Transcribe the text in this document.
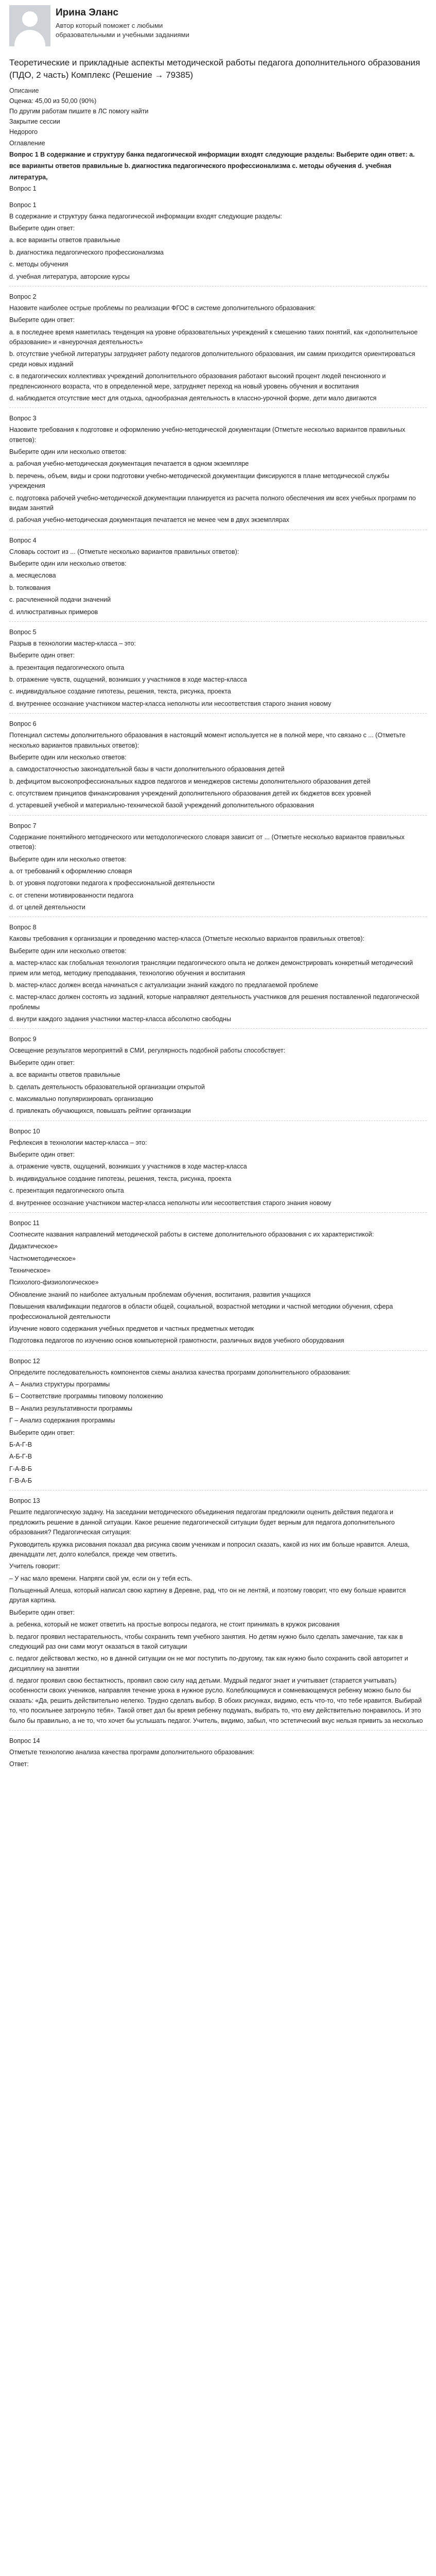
Ирина Эланс
Автор который поможет с любыми образовательными и учебными заданиями
Теоретические и прикладные аспекты методической работы педагога дополнительного образования (ПДО, 2 часть) Комплекс (Решение → 79385)
Описание
Оценка: 45,00 из 50,00 (90%)
По другим работам пишите в ЛС помогу найти
Закрытие сессии
Недорого
Оглавление
Вопрос 1 В содержание и структуру банка педагогической информации входят следующие разделы: Выберите один ответ: a. все варианты ответов правильные b. диагностика педагогического профессионализма c. методы обучения d. учебная литература,
Вопрос 1
Вопрос 1
В содержание и структуру банка педагогической информации входят следующие разделы:
Выберите один ответ:
a. все варианты ответов правильные
b. диагностика педагогического профессионализма
c. методы обучения
d. учебная литература, авторские курсы
Вопрос 2
Назовите наиболее острые проблемы по реализации ФГОС в системе дополнительного образования:
Выберите один ответ:
a. в последнее время наметилась тенденция на уровне образовательных учреждений к смешению таких понятий, как «дополнительное образование» и «внеурочная деятельность»
b. отсутствие учебной литературы затрудняет работу педагогов дополнительного образования, им самим приходится ориентироваться среди новых изданий
c. в педагогических коллективах учреждений дополнительного образования работают высокий процент людей пенсионного и предпенсионного возраста, что в определенной мере, затрудняет переход на новый уровень обучения и воспитания
d. наблюдается отсутствие мест для отдыха, однообразная деятельность в классно-урочной форме, дети мало двигаются
Вопрос 3
Назовите требования к подготовке и оформлению учебно-методической документации (Отметьте несколько вариантов правильных ответов):
Выберите один или несколько ответов:
a. рабочая учебно-методическая документация печатается в одном экземпляре
b. перечень, объем, виды и сроки подготовки учебно-методической документации фиксируются в плане методической службы учреждения
c. подготовка рабочей учебно-методической документации планируется из расчета полного обеспечения им всех учебных программ по видам занятий
d. рабочая учебно-методическая документация печатается не менее чем в двух экземплярах
Вопрос 4
Словарь состоит из ... (Отметьте несколько вариантов правильных ответов):
Выберите один или несколько ответов:
a. месяцеслова
b. толкования
c. расчлененной подачи значений
d. иллюстративных примеров
Вопрос 5
Разрыв в технологии мастер-класса – это:
Выберите один ответ:
a. презентация педагогического опыта
b. отражение чувств, ощущений, возникших у участников в ходе мастер-класса
c. индивидуальное создание гипотезы, решения, текста, рисунка, проекта
d. внутреннее осознание участником мастер-класса неполноты или несоответствия старого знания новому
Вопрос 6
Потенциал системы дополнительного образования в настоящий момент используется не в полной мере, что связано с ... (Отметьте несколько вариантов правильных ответов):
Выберите один или несколько ответов:
a. самодостаточностью законодательной базы в части дополнительного образования детей
b. дефицитом высокопрофессиональных кадров педагогов и менеджеров системы дополнительного образования детей
c. отсутствием принципов финансирования учреждений дополнительного образования детей их бюджетов всех уровней
d. устаревшей учебной и материально-технической базой учреждений дополнительного образования
Вопрос 7
Содержание понятийного методического или методологического словаря зависит от ... (Отметьте несколько вариантов правильных ответов):
Выберите один или несколько ответов:
a. от требований к оформлению словаря
b. от уровня подготовки педагога к профессиональной деятельности
c. от степени мотивированности педагога
d. от целей деятельности
Вопрос 8
Каковы требования к организации и проведению мастер-класса (Отметьте несколько вариантов правильных ответов):
Выберите один или несколько ответов:
a. мастер-класс как глобальная технология трансляции педагогического опыта не должен демонстрировать конкретный методический прием или метод, методику преподавания, технологию обучения и воспитания
b. мастер-класс должен всегда начинаться с актуализации знаний каждого по предлагаемой проблеме
c. мастер-класс должен состоять из заданий, которые направляют деятельность участников для решения поставленной педагогической проблемы
d. внутри каждого задания участники мастер-класса абсолютно свободны
Вопрос 9
Освещение результатов мероприятий в СМИ, регулярность подобной работы способствует:
Выберите один ответ:
a. все варианты ответов правильные
b. сделать деятельность образовательной организации открытой
c. максимально популяризировать организацию
d. привлекать обучающихся, повышать рейтинг организации
Вопрос 10
Рефлексия в технологии мастер-класса – это:
Выберите один ответ:
a. отражение чувств, ощущений, возникших у участников в ходе мастер-класса
b. индивидуальное создание гипотезы, решения, текста, рисунка, проекта
c. презентация педагогического опыта
d. внутреннее осознание участником мастер-класса неполноты или несоответствия старого знания новому
Вопрос 11
Соотнесите названия направлений методической работы в системе дополнительного образования с их характеристикой:
Дидактическое»
Частнометодическое»
Техническое»
Психолого-физиологическое»
Обновление знаний по наиболее актуальным проблемам обучения, воспитания, развития учащихся
Повышения квалификации педагогов в области общей, социальной, возрастной методики и частной методики обучения, сфера профессиональной деятельности
Изучение нового содержания учебных предметов и частных предметных методик
Подготовка педагогов по изучению основ компьютерной грамотности, различных видов учебного оборудования
Вопрос 12
Определите последовательность компонентов схемы анализа качества программ дополнительного образования:
А – Анализ структуры программы
Б – Соответствие программы типовому положению
В – Анализ результативности программы
Г – Анализ содержания программы
Выберите один ответ:
Б-А-Г-В
А-Б-Г-В
Г-А-В-Б
Г-В-А-Б
Вопрос 13
Решите педагогическую задачу. На заседании методического объединения педагогам предложили оценить действия педагога и предложить решение в данной ситуации. Какое решение педагогической ситуации будет верным для педагога дополнительного образования? Педагогическая ситуация:
Руководитель кружка рисования показал два рисунка своим ученикам и попросил сказать, какой из них им больше нравится. Алеша, двенадцати лет, долго колебался, прежде чем ответить.
Учитель говорит:
– У нас мало времени. Напряги свой ум, если он у тебя есть.
Польщенный Алеша, который написал свою картину в Деревне, рад, что он не лентяй, и поэтому говорит, что ему больше нравится другая картина.
Выберите один ответ:
a. ребенка, который не может ответить на простые вопросы педагога, не стоит принимать в кружок рисования
b. педагог проявил нестарательность, чтобы сохранить темп учебного занятия. Но детям нужно было сделать замечание, так как в следующий раз они сами могут оказаться в такой ситуации
c. педагог действовал жестко, но в данной ситуации он не мог поступить по-другому, так как нужно было сохранить свой авторитет и дисциплину на занятии
d. педагог проявил свою бестактность, проявил свою силу над детьми. Мудрый педагог знает и учитывает (старается учитывать) особенности своих учеников, направляя течение урока в нужное русло. Колеблющимуся и сомневающемуся ребенку можно было бы сказать: «Да, решить действительно нелегко. Трудно сделать выбор. В обоих рисунках, видимо, есть что-то, что тебе нравится. Выбирай то, что посильнее затронуло тебя». Такой ответ дал бы время ребенку подумать, выбрать то, что ему действительно понравилось. И это было бы правильно, а не то, что хочет бы услышать педагог. Учитель, видимо, забыл, что эстетический вкус нельзя привить за несколько
Вопрос 14
Отметьте технологию анализа качества программ дополнительного образования:
Ответ:
